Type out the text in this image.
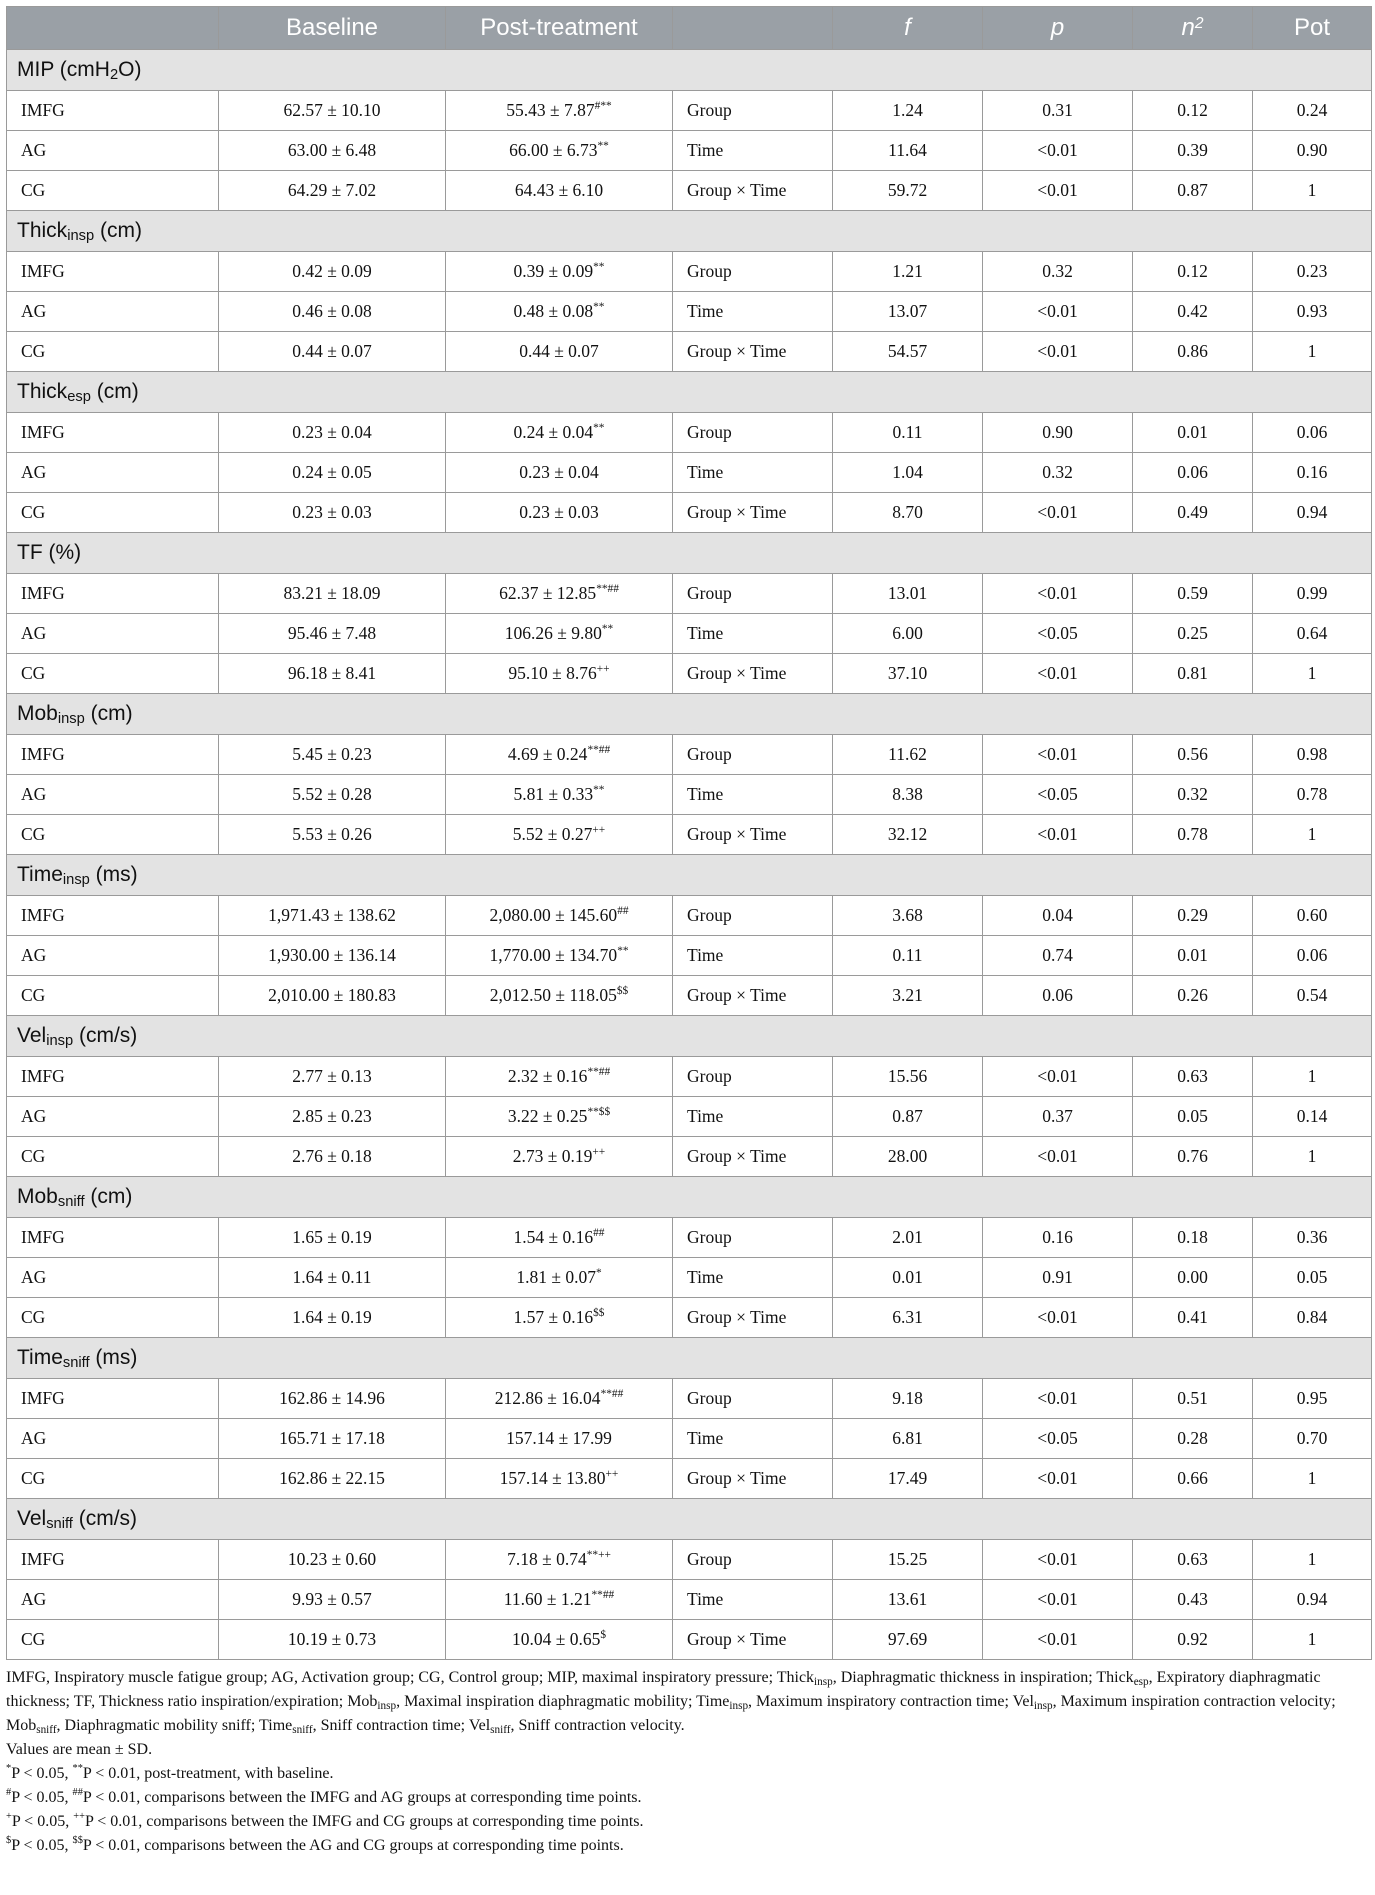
	Baseline	Post-treatment		f	p	$n^2$	Pot
MIP (cmH$_2$O)							
IMFG	62.57 ± 10.10	55.43 ± 7.87#**	Group	1.24	0.31	0.12	0.24
AG	63.00 ± 6.48	66.00 ± 6.73**	Time	11.64	<0.01	0.39	0.90
CG	64.29 ± 7.02	64.43 ± 6.10	Group × Time	59.72	<0.01	0.87	1
Thick$_{insp}$ (cm)							
IMFG	0.42 ± 0.09	0.39 ± 0.09**	Group	1.21	0.32	0.12	0.23
AG	0.46 ± 0.08	0.48 ± 0.08**	Time	13.07	<0.01	0.42	0.93
CG	0.44 ± 0.07	0.44 ± 0.07	Group × Time	54.57	<0.01	0.86	1
Thick$_{esp}$ (cm)							
IMFG	0.23 ± 0.04	0.24 ± 0.04**	Group	0.11	0.90	0.01	0.06
AG	0.24 ± 0.05	0.23 ± 0.04	Time	1.04	0.32	0.06	0.16
CG	0.23 ± 0.03	0.23 ± 0.03	Group × Time	8.70	<0.01	0.49	0.94
TF (%)							
IMFG	83.21 ± 18.09	62.37 ± 12.85**##	Group	13.01	<0.01	0.59	0.99
AG	95.46 ± 7.48	106.26 ± 9.80**	Time	6.00	<0.05	0.25	0.64
CG	96.18 ± 8.41	95.10 ± 8.76++	Group × Time	37.10	<0.01	0.81	1
Mob$_{insp}$ (cm)							
IMFG	5.45 ± 0.23	4.69 ± 0.24**##	Group	11.62	<0.01	0.56	0.98
AG	5.52 ± 0.28	5.81 ± 0.33**	Time	8.38	<0.05	0.32	0.78
CG	5.53 ± 0.26	5.52 ± 0.27++	Group × Time	32.12	<0.01	0.78	1
Time$_{insp}$ (ms)							
IMFG	1,971.43 ± 138.62	2,080.00 ± 145.60##	Group	3.68	0.04	0.29	0.60
AG	1,930.00 ± 136.14	1,770.00 ± 134.70**	Time	0.11	0.74	0.01	0.06
CG	2,010.00 ± 180.83	2,012.50 ± 118.05$$	Group × Time	3.21	0.06	0.26	0.54
Vel$_{insp}$ (cm/s)							
IMFG	2.77 ± 0.13	2.32 ± 0.16**##	Group	15.56	<0.01	0.63	1
AG	2.85 ± 0.23	3.22 ± 0.25**$$	Time	0.87	0.37	0.05	0.14
CG	2.76 ± 0.18	2.73 ± 0.19++	Group × Time	28.00	<0.01	0.76	1
Mob$_{sniff}$ (cm)							
IMFG	1.65 ± 0.19	1.54 ± 0.16##	Group	2.01	0.16	0.18	0.36
AG	1.64 ± 0.11	1.81 ± 0.07*	Time	0.01	0.91	0.00	0.05
CG	1.64 ± 0.19	1.57 ± 0.16$$	Group × Time	6.31	<0.01	0.41	0.84
Time$_{sniff}$ (ms)							
IMFG	162.86 ± 14.96	212.86 ± 16.04**##	Group	9.18	<0.01	0.51	0.95
AG	165.71 ± 17.18	157.14 ± 17.99	Time	6.81	<0.05	0.28	0.70
CG	162.86 ± 22.15	157.14 ± 13.80++	Group × Time	17.49	<0.01	0.66	1
Vel$_{sniff}$ (cm/s)							
IMFG	10.23 ± 0.60	7.18 ± 0.74**++	Group	15.25	<0.01	0.63	1
AG	9.93 ± 0.57	11.60 ± 1.21**##	Time	13.61	<0.01	0.43	0.94
CG	10.19 ± 0.73	10.04 ± 0.65$	Group × Time	97.69	<0.01	0.92	1

IMFG, Inspiratory muscle fatigue group; AG, Activation group; CG, Control group; MIP, maximal inspiratory pressure; Thick$_{insp}$, Diaphragmatic thickness in inspiration; Thick$_{esp}$, Expiratory diaphragmatic thickness; TF, Thickness ratio inspiration/expiration; Mob$_{insp}$, Maximal inspiration diaphragmatic mobility; Time$_{insp}$, Maximum inspiratory contraction time; Vel$_{insp}$, Maximum inspiration contraction velocity; Mob$_{sniff}$, Diaphragmatic mobility sniff; Time$_{sniff}$, Sniff contraction time; Vel$_{sniff}$, Sniff contraction velocity.

Values are mean ± SD.

*P < 0.05, **P < 0.01, post-treatment, with baseline.

#P < 0.05, ##P < 0.01, comparisons between the IMFG and AG groups at corresponding time points.

+P < 0.05, ++P < 0.01, comparisons between the IMFG and CG groups at corresponding time points.

$P < 0.05, $$P < 0.01, comparisons between the AG and CG groups at corresponding time points.
